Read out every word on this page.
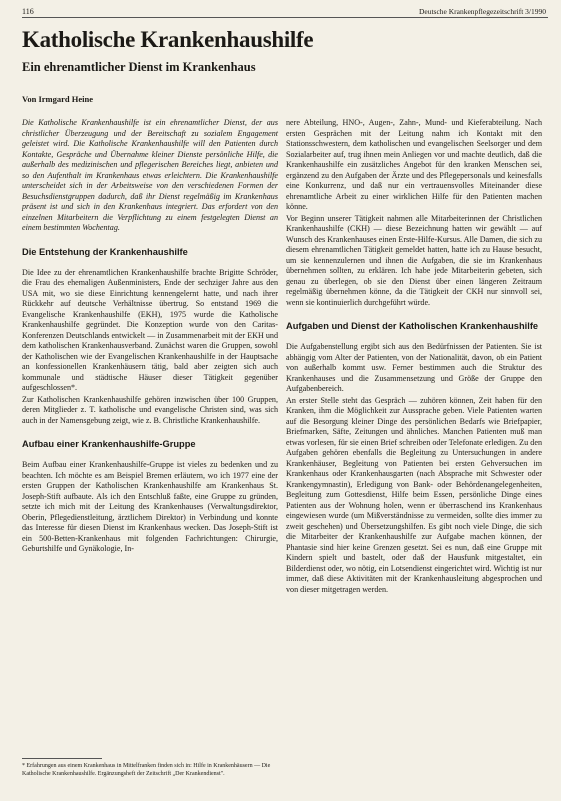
116	Deutsche Krankenpflegezeitschrift 3/1990
Katholische Krankenhaushilfe
Ein ehrenamtlicher Dienst im Krankenhaus
Von Irmgard Heine

Die Katholische Krankenhaushilfe ist ein ehrenamtlicher Dienst, der aus christlicher Überzeugung und der Bereitschaft zu sozialem Engagement geleistet wird. Die Katholische Krankenhaushilfe will den Patienten durch Kontakte, Gespräche und Übernahme kleiner Dienste persönliche Hilfe, die außerhalb des medizinischen und pflegerischen Bereiches liegt, anbieten und so den Aufenthalt im Krankenhaus etwas erleichtern. Die Krankenhaushilfe unterscheidet sich in der Arbeitsweise von den verschiedenen Formen der Besuchsdienstgruppen dadurch, daß ihr Dienst regelmäßig im Krankenhaus präsent ist und sich in den Krankenhaus integriert. Das erfordert von den einzelnen Mitarbeitern die Verpflichtung zu einem festgelegten Dienst an einem bestimmten Wochentag.

Die Entstehung der Krankenhaushilfe

Die Idee zu der ehrenamtlichen Krankenhaushilfe brachte Brigitte Schröder, die Frau des ehemaligen Außenministers, Ende der sechziger Jahre aus den USA mit, wo sie diese Einrichtung kennengelernt hatte, und nach ihrer Rückkehr auf deutsche Verhältnisse übertrug. So entstand 1969 die Evangelische Krankenhaushilfe (EKH), 1975 wurde die Katholische Krankenhaushilfe gegründet. Die Konzeption wurde von den Caritas-Konferenzen Deutschlands entwickelt — in Zusammenarbeit mit der EKH und dem katholischen Krankenhausverband. Zunächst waren die Gruppen, sowohl der Katholischen wie der Evangelischen Krankenhaushilfe in der Hauptsache an konfessionellen Krankenhäusern tätig, bald aber zeigten sich auch kommunale und städtische Häuser dieser Tätigkeit gegenüber aufgeschlossen*.

Zur Katholischen Krankenhaushilfe gehören inzwischen über 100 Gruppen, deren Mitglieder z. T. katholische und evangelische Christen sind, was sich auch in der Namensgebung zeigt, wie z. B. Christliche Krankenhaushilfe.

Aufbau einer Krankenhaushilfe-Gruppe

Beim Aufbau einer Krankenhaushilfe-Gruppe ist vieles zu bedenken und zu beachten. Ich möchte es am Beispiel Bremen erläutern, wo ich 1977 eine der ersten Gruppen der Katholischen Krankenhaushilfe am Krankenhaus St. Joseph-Stift aufbaute. Als ich den Entschluß faßte, eine Gruppe zu gründen, setzte ich mich mit der Leitung des Krankenhauses (Verwaltungsdirektor, Oberin, Pflegedienstleitung, ärztlichem Direktor) in Verbindung und konnte das Interesse für diesen Dienst im Krankenhaus wecken. Das Joseph-Stift ist ein 500-Betten-Krankenhaus mit folgenden Fachrichtungen: Chirurgie, Geburtshilfe und Gynäkologie, In-

* Erfahrungen aus einem Krankenhaus in Mittelfranken finden sich in: Hilfe in Krankenhäusern — Die Katholische Krankenhaushilfe. Ergänzungsheft der Zeitschrift „Der Krankendienst".

nere Abteilung, HNO-, Augen-, Zahn-, Mund- und Kieferabteilung. Nach ersten Gesprächen mit der Leitung nahm ich Kontakt mit den Stationsschwestern, dem katholischen und evangelischen Seelsorger und dem Sozialarbeiter auf, trug ihnen mein Anliegen vor und machte deutlich, daß die Krankenhaushilfe ein zusätzliches Angebot für den kranken Menschen sei, ergänzend zu den Aufgaben der Ärzte und des Pflegepersonals und keinesfalls eine Konkurrenz, und daß nur ein vertrauensvolles Miteinander diese ehrenamtliche Arbeit zu einer wirklichen Hilfe für den Patienten machen könne.

Vor Beginn unserer Tätigkeit nahmen alle Mitarbeiterinnen der Christlichen Krankenhaushilfe (CKH) — diese Bezeichnung hatten wir gewählt — auf Wunsch des Krankenhauses einen Erste-Hilfe-Kursus. Alle Damen, die sich zu diesem ehrenamtlichen Tätigkeit gemeldet hatten, hatte ich zu Hause besucht, um sie kennenzulernen und ihnen die Aufgaben, die sie im Krankenhaus übernehmen sollten, zu erklären. Ich habe jede Mitarbeiterin gebeten, sich genau zu überlegen, ob sie den Dienst über einen längeren Zeitraum regelmäßig übernehmen könne, da die Tätigkeit der CKH nur sinnvoll sei, wenn sie kontinuierlich durchgeführt würde.

Aufgaben und Dienst der Katholischen Krankenhaushilfe

Die Aufgabenstellung ergibt sich aus den Bedürfnissen der Patienten. Sie ist abhängig vom Alter der Patienten, von der Nationalität, davon, ob ein Patient von außerhalb kommt usw. Ferner bestimmen auch die Struktur des Krankenhauses und die Zusammensetzung und Größe der Gruppe den Aufgabenbereich.

An erster Stelle steht das Gespräch — zuhören können, Zeit haben für den Kranken, ihm die Möglichkeit zur Aussprache geben. Viele Patienten warten auf die Besorgung kleiner Dinge des persönlichen Bedarfs wie Briefpapier, Briefmarken, Säfte, Zeitungen und ähnliches. Manchen Patienten muß man etwas vorlesen, für sie einen Brief schreiben oder Telefonate erledigen. Zu den Aufgaben gehören ebenfalls die Begleitung zu Untersuchungen in andere Krankenhäuser, Begleitung von Patienten bei ersten Gehversuchen im Krankenhaus oder Krankenhausgarten (nach Absprache mit Schwester oder Krankengymnastin), Erledigung von Bank- oder Behördenangelegenheiten, Begleitung zum Gottesdienst, Hilfe beim Essen, persönliche Dinge eines Patienten aus der Wohnung holen, wenn er überraschend ins Krankenhaus eingewiesen wurde (um Mißverständnisse zu vermeiden, sollte dies immer zu zweit geschehen) und Übersetzungshilfen. Es gibt noch viele Dinge, die sich die Mitarbeiter der Krankenhaushilfe zur Aufgabe machen können, der Phantasie sind hier keine Grenzen gesetzt. Sei es nun, daß eine Gruppe mit Kindern spielt und bastelt, oder daß der Hausfunk mitgestaltet, ein Bilderdienst oder, wo nötig, ein Lotsendienst eingerichtet wird. Wichtig ist nur immer, daß diese Aktivitäten mit der Krankenhausleitung abgesprochen und von dieser mitgetragen werden.
